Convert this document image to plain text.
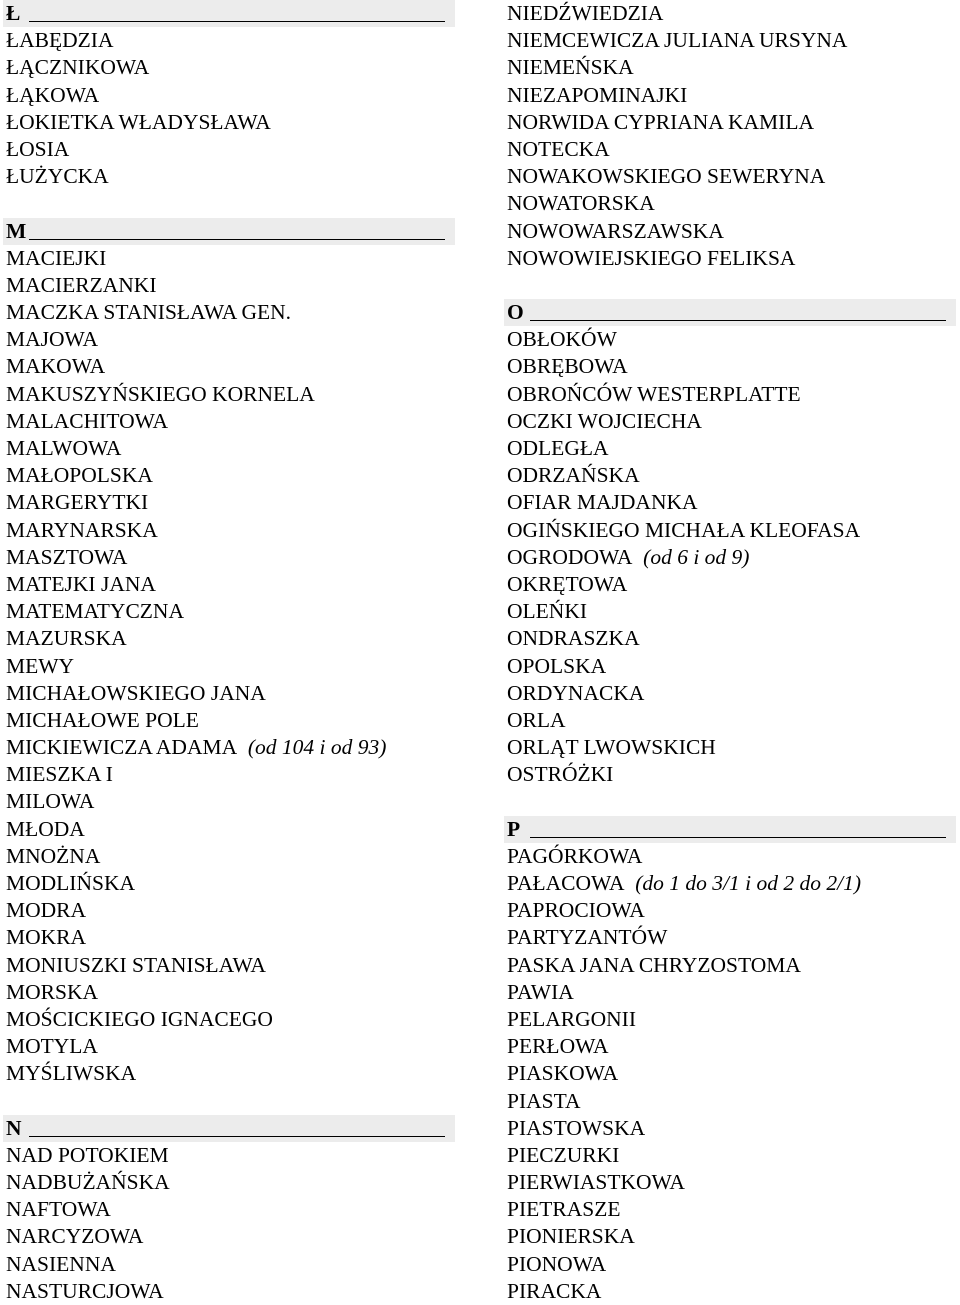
Ł
ŁABĘDZIA
ŁĄCZNIKOWA
ŁĄKOWA
ŁOKIETKA WŁADYSŁAWA
ŁOSIA
ŁUŻYCKA
M
MACIEJKI
MACIERZANKI
MACZKA STANISŁAWA GEN.
MAJOWA
MAKOWA
MAKUSZYŃSKIEGO KORNELA
MALACHITOWA
MALWOWA
MAŁOPOLSKA
MARGERYTKI
MARYNARSKA
MASZTOWA
MATEJKI JANA
MATEMATYCZNA
MAZURSKA
MEWY
MICHAŁOWSKIEGO JANA
MICHAŁOWE POLE
MICKIEWICZA ADAMA (od 104 i od 93)
MIESZKA I
MILOWA
MŁODA
MNOŻNA
MODLIŃSKA
MODRA
MOKRA
MONIUSZKI STANISŁAWA
MORSKA
MOŚCICKIEGO IGNACEGO
MOTYLA
MYŚLIWSKA
N
NAD POTOKIEM
NADBUŻAŃSKA
NAFTOWA
NARCYZOWA
NASIENNA
NASTURCJOWA
NIEDŹWIEDZIA
NIEMCEWICZA JULIANA URSYNA
NIEMEŃSKA
NIEZAPOMINAJKI
NORWIDA CYPRIANA KAMILA
NOTECKA
NOWAKOWSKIEGO SEWERYNA
NOWATORSKA
NOWOWARSZAWSKA
NOWOWIEJSKIEGO FELIKSA
O
OBŁOKÓW
OBRĘBOWA
OBROŃCÓW WESTERPLATTE
OCZKI WOJCIECHA
ODLEGŁA
ODRZAŃSKA
OFIAR MAJDANKA
OGIŃSKIEGO MICHAŁA KLEOFASA
OGRODOWA (od 6 i od 9)
OKRĘTOWA
OLEŃKI
ONDRASZKA
OPOLSKA
ORDYNACKA
ORLA
ORLĄT LWOWSKICH
OSTRÓŻKI
P
PAGÓRKOWA
PAŁACOWA (do 1 do 3/1 i od 2 do 2/1)
PAPROCIOWA
PARTYZANTÓW
PASKA JANA CHRYZOSTOMA
PAWIA
PELARGONII
PERŁOWA
PIASKOWA
PIASTA
PIASTOWSKA
PIECZURKI
PIERWIASTKOWA
PIETRASZE
PIONIERSKA
PIONOWA
PIRACKA
